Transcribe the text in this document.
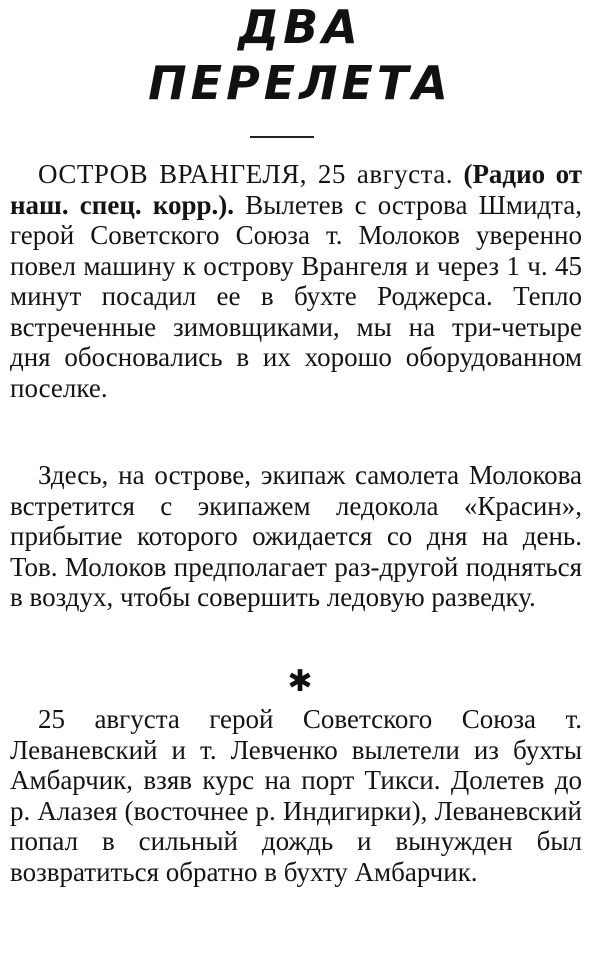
ДВА
ПЕРЕЛЕТА

ОСТРОВ ВРАНГЕЛЯ, 25 августа. (Радио от наш. спец. корр.). Вылетев с острова Шмидта, герой Советского Союза т. Молоков уверенно повел машину к острову Врангеля и через 1 ч. 45 минут посадил ее в бухте Роджерса. Тепло встреченные зимовщиками, мы на три-четыре дня обосновались в их хорошо оборудованном поселке.

Здесь, на острове, экипаж самолета Молокова встретится с экипажем ледокола «Красин», прибытие которого ожидается со дня на день. Тов. Молоков предполагает раз-другой подняться в воздух, чтобы совершить ледовую разведку.

✱

25 августа герой Советского Союза т. Леваневский и т. Левченко вылетели из бухты Амбарчик, взяв курс на порт Тикси. Долетев до р. Алазея (восточнее р. Индигирки), Леваневский попал в сильный дождь и вынужден был возвратиться обратно в бухту Амбарчик.
